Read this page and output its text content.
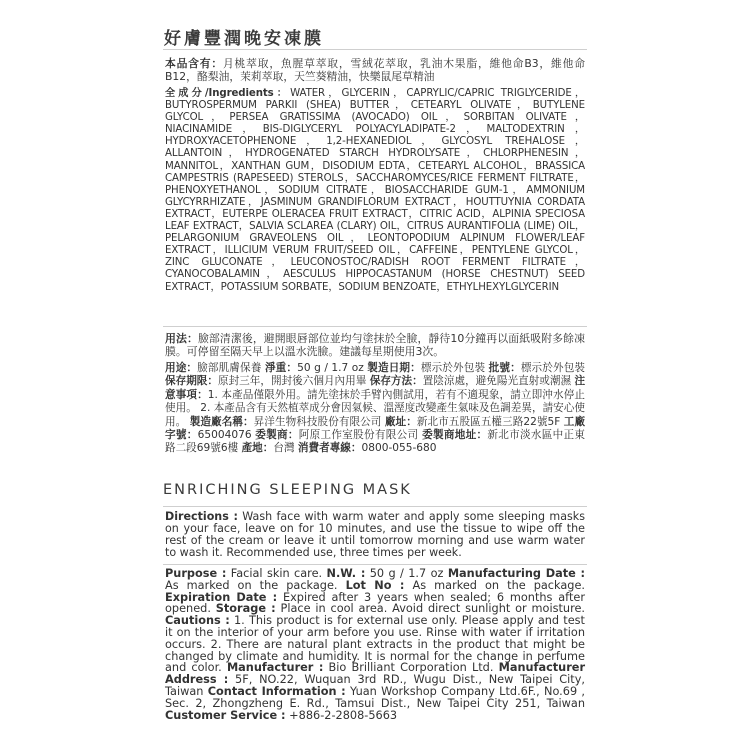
好膚豐潤晚安凍膜
本品含有：月桃萃取，魚腥草萃取，雪絨花萃取，乳油木果脂，維他命B3，維他命B12，酪梨油，茉莉萃取，天竺葵精油，快樂鼠尾草精油
全成分/Ingredients：WATER，GLYCERIN，CAPRYLIC/CAPRIC TRIGLYCERIDE，BUTYROSPERMUM PARKII (SHEA) BUTTER，CETEARYL OLIVATE，BUTYLENE GLYCOL，PERSEA GRATISSIMA (AVOCADO) OIL，SORBITAN OLIVATE，NIACINAMIDE，BIS-DIGLYCERYL POLYACYLADIPATE-2，MALTODEXTRIN，HYDROXYACETOPHENONE，1,2-HEXANEDIOL，GLYCOSYL TREHALOSE，ALLANTOIN，HYDROGENATED STARCH HYDROLYSATE，CHLORPHENESIN，MANNITOL，XANTHAN GUM，DISODIUM EDTA，CETEARYL ALCOHOL，BRASSICA CAMPESTRIS (RAPESEED) STEROLS，SACCHAROMYCES/RICE FERMENT FILTRATE，PHENOXYETHANOL，SODIUM CITRATE，BIOSACCHARIDE GUM-1，AMMONIUM GLYCYRRHIZATE，JASMINUM GRANDIFLORUM EXTRACT，HOUTTUYNIA CORDATA EXTRACT，EUTERPE OLERACEA FRUIT EXTRACT，CITRIC ACID，ALPINIA SPECIOSA LEAF EXTRACT，SALVIA SCLAREA (CLARY) OIL，CITRUS AURANTIFOLIA (LIME) OIL，PELARGONIUM GRAVEOLENS OIL，LEONTOPODIUM ALPINUM FLOWER/LEAF EXTRACT，ILLICIUM VERUM FRUIT/SEED OIL，CAFFEINE，PENTYLENE GLYCOL，ZINC GLUCONATE，LEUCONOSTOC/RADISH ROOT FERMENT FILTRATE，CYANOCOBALAMIN，AESCULUS HIPPOCASTANUM (HORSE CHESTNUT) SEED EXTRACT，POTASSIUM SORBATE，SODIUM BENZOATE，ETHYLHEXYLGLYCERIN
用法：臉部清潔後，避開眼唇部位並均勻塗抹於全臉，靜待10分鐘再以面紙吸附多餘凍膜。可停留至隔天早上以溫水洗臉。建議每星期使用3次。
用途：臉部肌膚保養 淨重：50 g / 1.7 oz 製造日期：標示於外包裝 批號：標示於外包裝 保存期限：原封三年，開封後六個月內用畢 保存方法：置陰涼處，避免陽光直射或潮濕 注意事項：1. 本產品僅限外用。請先塗抹於手臂內側試用，若有不適現象，請立即沖水停止使用。 2. 本產品含有天然植萃成分會因氣候、溫溼度改變產生氣味及色調差異，請安心使用。 製造廠名稱：昇洋生物科技股份有限公司 廠址：新北市五股區五權三路22號5F 工廠字號：65004076 委製商：阿原工作室股份有限公司 委製商地址：新北市淡水區中正東路二段69號6樓 產地：台灣 消費者專線：0800-055-680
ENRICHING SLEEPING MASK
Directions : Wash face with warm water and apply some sleeping masks on your face, leave on for 10 minutes, and use the tissue to wipe off the rest of the cream or leave it until tomorrow morning and use warm water to wash it. Recommended use, three times per week.
Purpose : Facial skin care. N.W. : 50 g / 1.7 oz Manufacturing Date : As marked on the package. Lot No : As marked on the package. Expiration Date : Expired after 3 years when sealed; 6 months after opened. Storage : Place in cool area. Avoid direct sunlight or moisture. Cautions : 1. This product is for external use only. Please apply and test it on the interior of your arm before you use. Rinse with water if irritation occurs. 2. There are natural plant extracts in the product that might be changed by climate and humidity. It is normal for the change in perfume and color. Manufacturer : Bio Brilliant Corporation Ltd. Manufacturer Address : 5F, NO.22, Wuquan 3rd RD., Wugu Dist., New Taipei City, Taiwan Contact Information : Yuan Workshop Company Ltd.6F., No.69 , Sec. 2, Zhongzheng E. Rd., Tamsui Dist., New Taipei City 251, Taiwan Customer Service : +886-2-2808-5663
